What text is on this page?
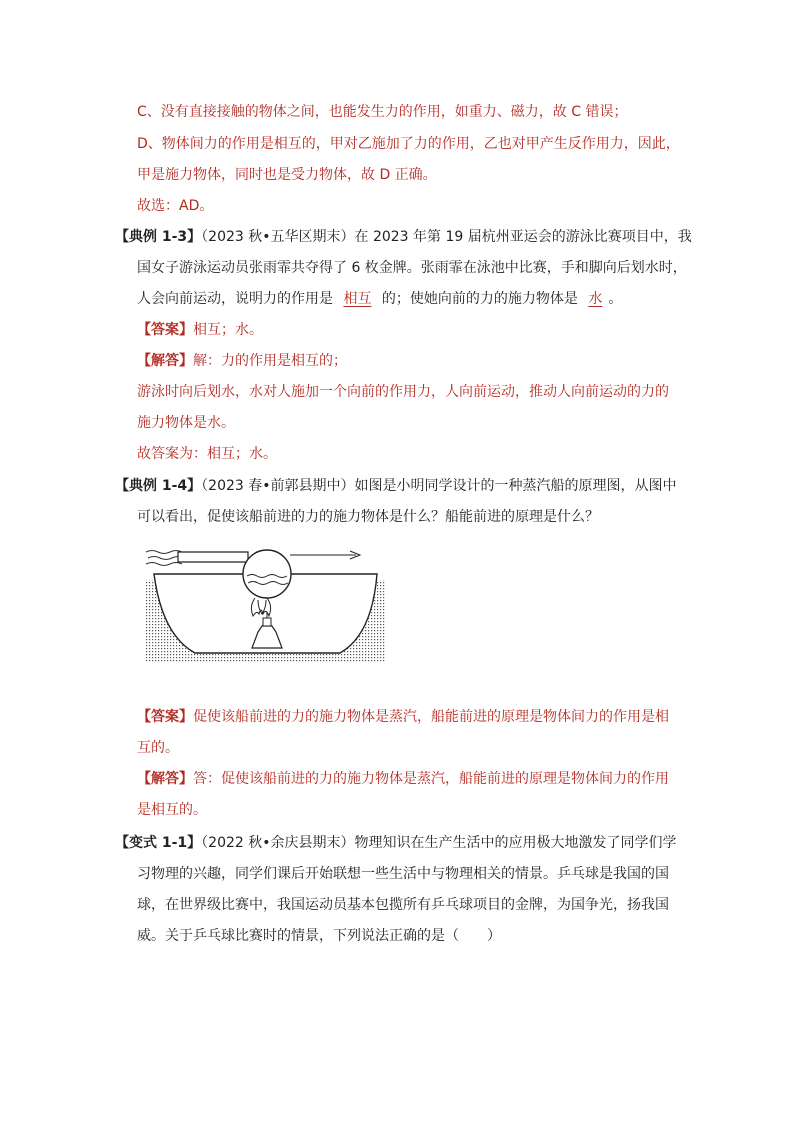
C、没有直接接触的物体之间，也能发生力的作用，如重力、磁力，故 C 错误；
D、物体间力的作用是相互的，甲对乙施加了力的作用，乙也对甲产生反作用力，因此，
甲是施力物体，同时也是受力物体，故 D 正确。
故选：AD。
【典例 1-3】（2023 秋•五华区期末）在 2023 年第 19 届杭州亚运会的游泳比赛项目中，我
国女子游泳运动员张雨霏共夺得了 6 枚金牌。张雨霏在泳池中比赛，手和脚向后划水时，
人会向前运动，说明力的作用是 相互 的；使她向前的力的施力物体是 水 。
【答案】相互；水。
【解答】解：力的作用是相互的；
游泳时向后划水，水对人施加一个向前的作用力，人向前运动，推动人向前运动的力的
施力物体是水。
故答案为：相互；水。
【典例 1-4】（2023 春•前郭县期中）如图是小明同学设计的一种蒸汽船的原理图，从图中
可以看出，促使该船前进的力的施力物体是什么？船能前进的原理是什么？
【答案】促使该船前进的力的施力物体是蒸汽，船能前进的原理是物体间力的作用是相
互的。
【解答】答：促使该船前进的力的施力物体是蒸汽，船能前进的原理是物体间力的作用
是相互的。
【变式 1-1】（2022 秋•余庆县期末）物理知识在生产生活中的应用极大地激发了同学们学
习物理的兴趣，同学们课后开始联想一些生活中与物理相关的情景。乒乓球是我国的国
球，在世界级比赛中，我国运动员基本包揽所有乒乓球项目的金牌，为国争光，扬我国
威。关于乒乓球比赛时的情景，下列说法正确的是（　　）
